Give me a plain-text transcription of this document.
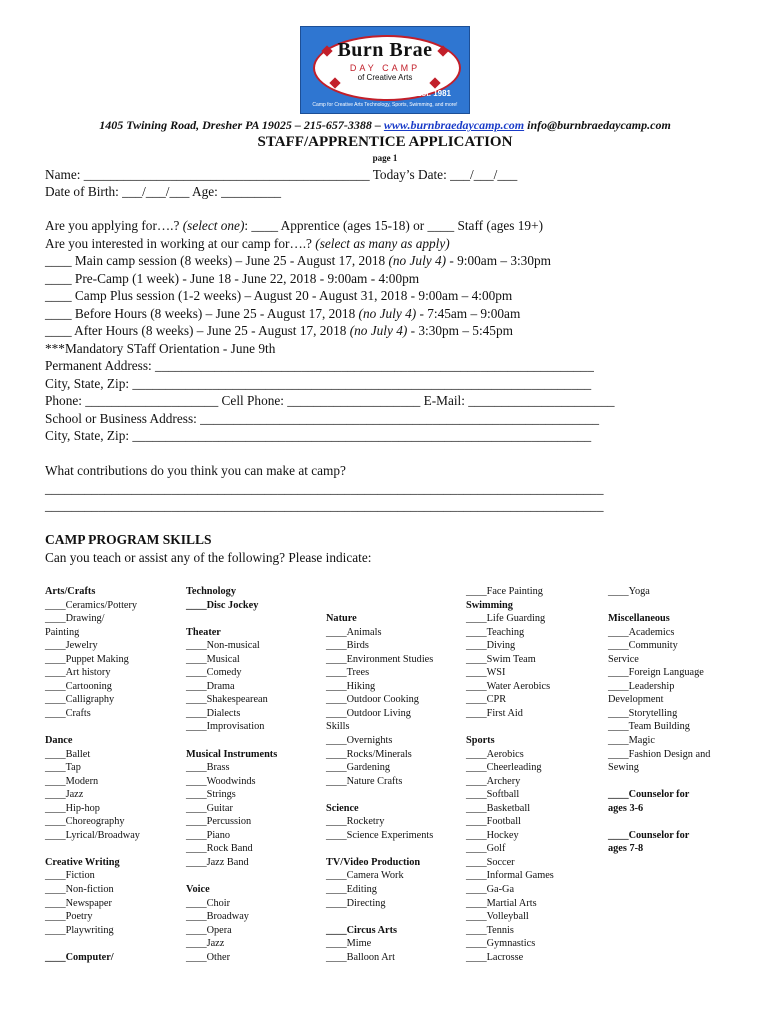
Burn Brae
DAY CAMP
of Creative Arts
Est. 1981
Camp for Creative Arts Technology, Sports, Swimming, and more!
1405 Twining Road, Dresher PA 19025 – 215-657-3388 – www.burnbraedaycamp.com info@burnbraedaycamp.com
STAFF/APPRENTICE APPLICATION
page 1
Name: ___________________________________________ Today’s Date: ___/___/___
Date of Birth: ___/___/___ Age: _________
Are you applying for….? (select one): ____ Apprentice (ages 15-18) or ____ Staff (ages 19+)
Are you interested in working at our camp for….? (select as many as apply)
____ Main camp session (8 weeks) – June 25 - August 17, 2018 (no July 4) - 9:00am – 3:30pm
____ Pre-Camp (1 week) - June 18 - June 22, 2018 - 9:00am - 4:00pm
____ Camp Plus session (1-2 weeks) – August 20 - August 31, 2018 - 9:00am – 4:00pm
____ Before Hours (8 weeks) – June 25 - August 17, 2018 (no July 4) - 7:45am – 9:00am
____ After Hours (8 weeks) – June 25 - August 17, 2018 (no July 4) - 3:30pm – 5:45pm
***Mandatory STaff Orientation - June 9th
Permanent Address: __________________________________________________________________
City, State, Zip: _____________________________________________________________________
Phone: ____________________ Cell Phone: ____________________ E-Mail: ______________________
School or Business Address: ____________________________________________________________
City, State, Zip: _____________________________________________________________________
What contributions do you think you can make at camp?
____________________________________________________________________________________
____________________________________________________________________________________
CAMP PROGRAM SKILLS
Can you teach or assist any of the following? Please indicate:
Arts/Crafts
____Ceramics/Pottery
____Drawing/
Painting
____Jewelry
____Puppet Making
____Art history
____Cartooning
____Calligraphy
____Crafts
Dance
____Ballet
____Tap
____Modern
____Jazz
____Hip-hop
____Choreography
____Lyrical/Broadway
Creative Writing
____Fiction
____Non-fiction
____Newspaper
____Poetry
____Playwriting
____Computer/
Technology
____Disc Jockey
Theater
____Non-musical
____Musical
____Comedy
____Drama
____Shakespearean
____Dialects
____Improvisation
Musical Instruments
____Brass
____Woodwinds
____Strings
____Guitar
____Percussion
____Piano
____Rock Band
____Jazz Band
Voice
____Choir
____Broadway
____Opera
____Jazz
____Other
Nature
____Animals
____Birds
____Environment Studies
____Trees
____Hiking
____Outdoor Cooking
____Outdoor Living
Skills
____Overnights
____Rocks/Minerals
____Gardening
____Nature Crafts
Science
____Rocketry
____Science Experiments
TV/Video Production
____Camera Work
____Editing
____Directing
____Circus Arts
____Mime
____Balloon Art
____Face Painting
Swimming
____Life Guarding
____Teaching
____Diving
____Swim Team
____WSI
____Water Aerobics
____CPR
____First Aid
Sports
____Aerobics
____Cheerleading
____Archery
____Softball
____Basketball
____Football
____Hockey
____Golf
____Soccer
____Informal Games
____Ga-Ga
____Martial Arts
____Volleyball
____Tennis
____Gymnastics
____Lacrosse
____Yoga
Miscellaneous
____Academics
____Community
Service
____Foreign Language
____Leadership
Development
____Storytelling
____Team Building
____Magic
____Fashion Design and
Sewing
____Counselor for
ages 3-6
____Counselor for
ages 7-8
